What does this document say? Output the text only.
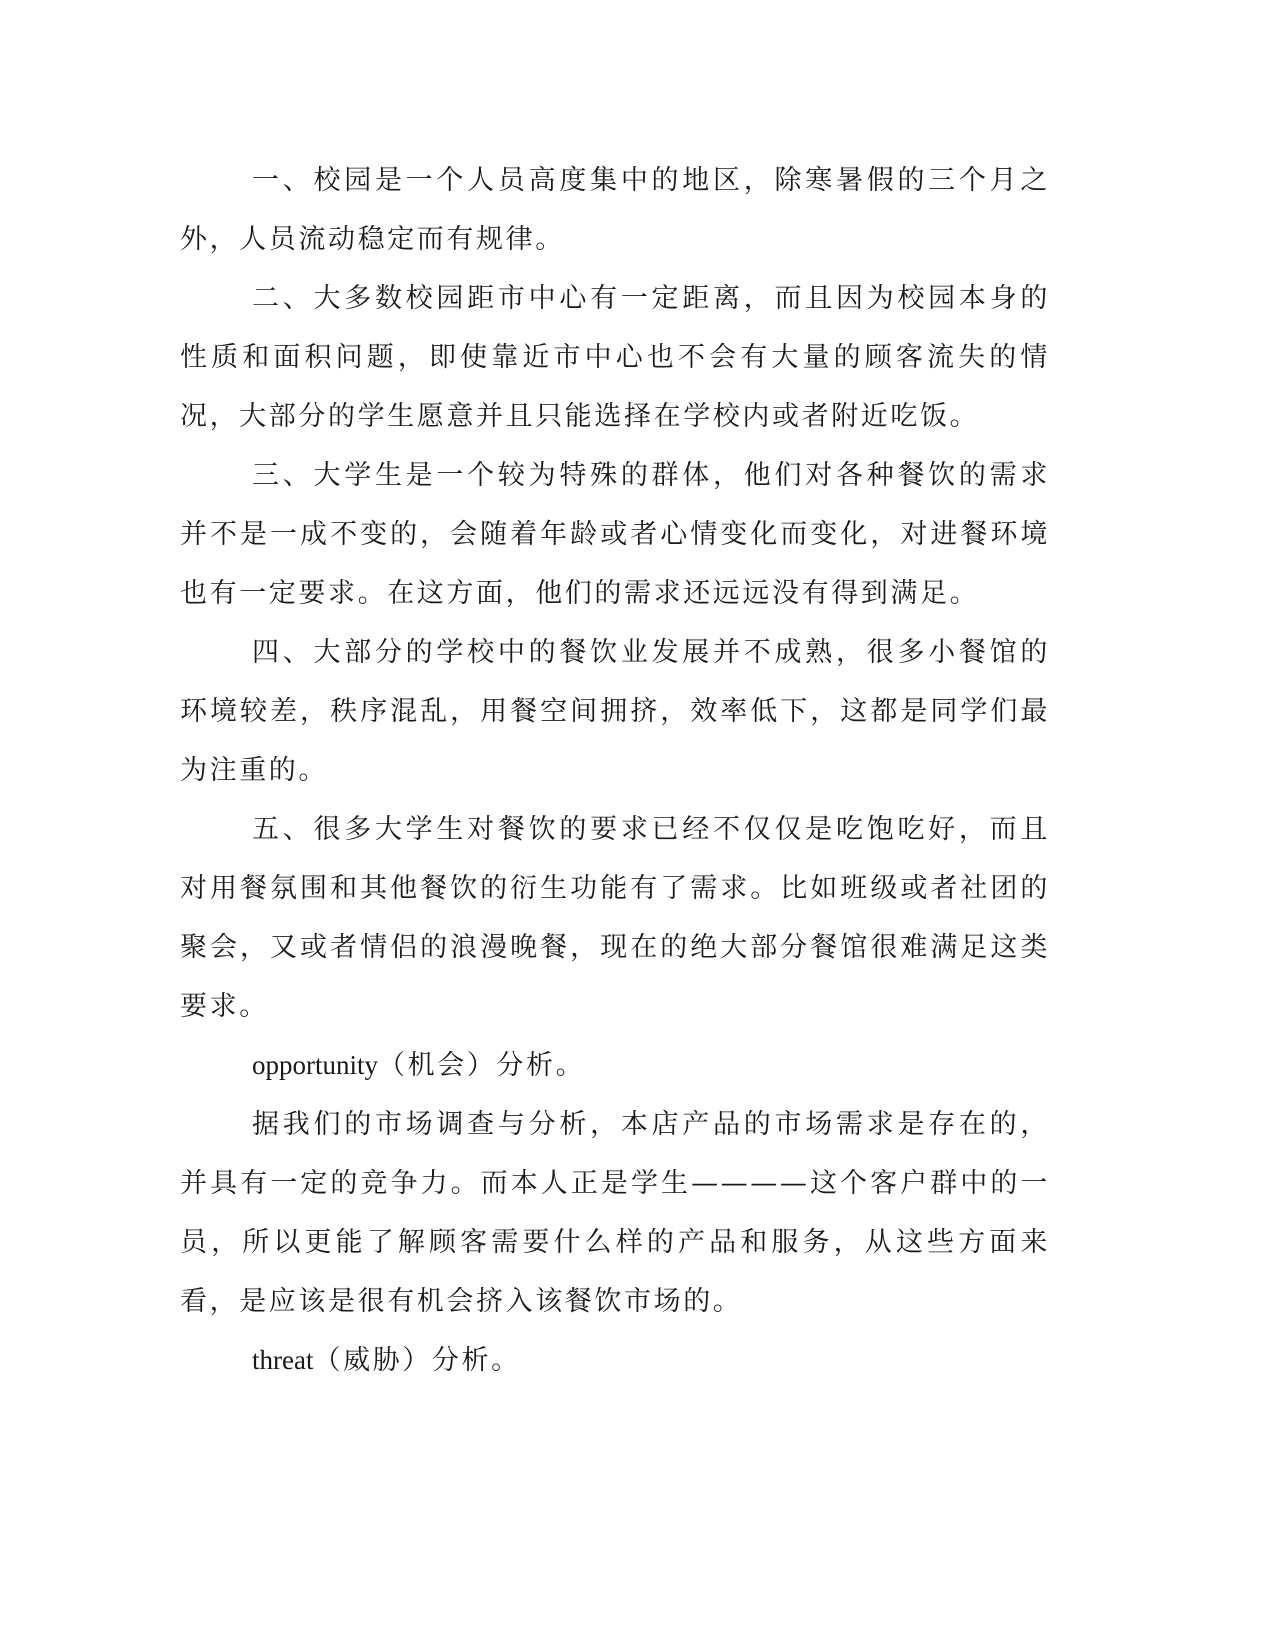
一、校园是一个人员高度集中的地区，除寒暑假的三个月之外，人员流动稳定而有规律。

二、大多数校园距市中心有一定距离，而且因为校园本身的性质和面积问题，即使靠近市中心也不会有大量的顾客流失的情况，大部分的学生愿意并且只能选择在学校内或者附近吃饭。

三、大学生是一个较为特殊的群体，他们对各种餐饮的需求并不是一成不变的，会随着年龄或者心情变化而变化，对进餐环境也有一定要求。在这方面，他们的需求还远远没有得到满足。

四、大部分的学校中的餐饮业发展并不成熟，很多小餐馆的环境较差，秩序混乱，用餐空间拥挤，效率低下，这都是同学们最为注重的。

五、很多大学生对餐饮的要求已经不仅仅是吃饱吃好，而且对用餐氛围和其他餐饮的衍生功能有了需求。比如班级或者社团的聚会，又或者情侣的浪漫晚餐，现在的绝大部分餐馆很难满足这类要求。

opportunity（机会）分析。

据我们的市场调查与分析，本店产品的市场需求是存在的，并具有一定的竞争力。而本人正是学生————这个客户群中的一员，所以更能了解顾客需要什么样的产品和服务，从这些方面来看，是应该是很有机会挤入该餐饮市场的。

threat（威胁）分析。
